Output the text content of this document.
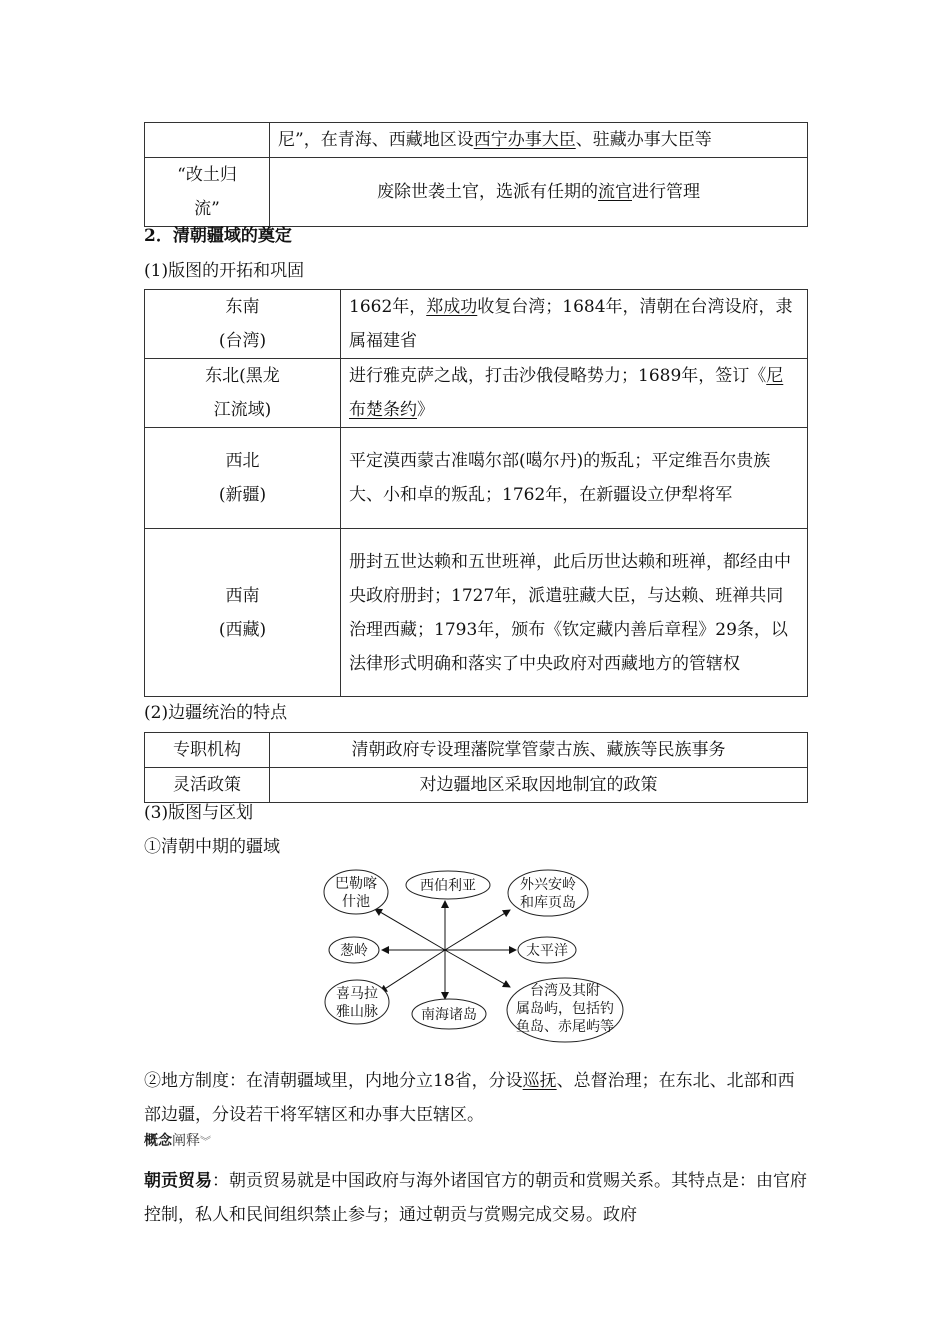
	尼”，在青海、西藏地区设西宁办事大臣、驻藏办事大臣等
“改土归
流”	废除世袭土官，选派有任期的流官进行管理
2．清朝疆域的奠定
(1)版图的开拓和巩固
东南
(台湾)	1662年，郑成功收复台湾；1684年，清朝在台湾设府，隶属福建省
东北(黑龙
江流域)	进行雅克萨之战，打击沙俄侵略势力；1689年，签订《尼布楚条约》
西北
(新疆)	平定漠西蒙古准噶尔部(噶尔丹)的叛乱；平定维吾尔贵族大、小和卓的叛乱；1762年，在新疆设立伊犁将军
西南
(西藏)	册封五世达赖和五世班禅，此后历世达赖和班禅，都经由中央政府册封；1727年，派遣驻藏大臣，与达赖、班禅共同治理西藏；1793年，颁布《钦定藏内善后章程》29条，以法律形式明确和落实了中央政府对西藏地方的管辖权
(2)边疆统治的特点
专职机构	清朝政府专设理藩院掌管蒙古族、藏族等民族事务
灵活政策	对边疆地区采取因地制宜的政策
(3)版图与区划
①清朝中期的疆域
巴勒喀
什池
西伯利亚	外兴安岭
和库页岛
葱岭	太平洋
喜马拉
雅山脉	南海诸岛
台湾及其附
属岛屿，包括钓
鱼岛、赤尾屿等
②地方制度：在清朝疆域里，内地分立18省，分设巡抚、总督治理；在东北、北部和西部边疆，分设若干将军辖区和办事大臣辖区。
概念阐释︾
朝贡贸易：朝贡贸易就是中国政府与海外诸国官方的朝贡和赏赐关系。其特点是：由官府控制，私人和民间组织禁止参与；通过朝贡与赏赐完成交易。政府
